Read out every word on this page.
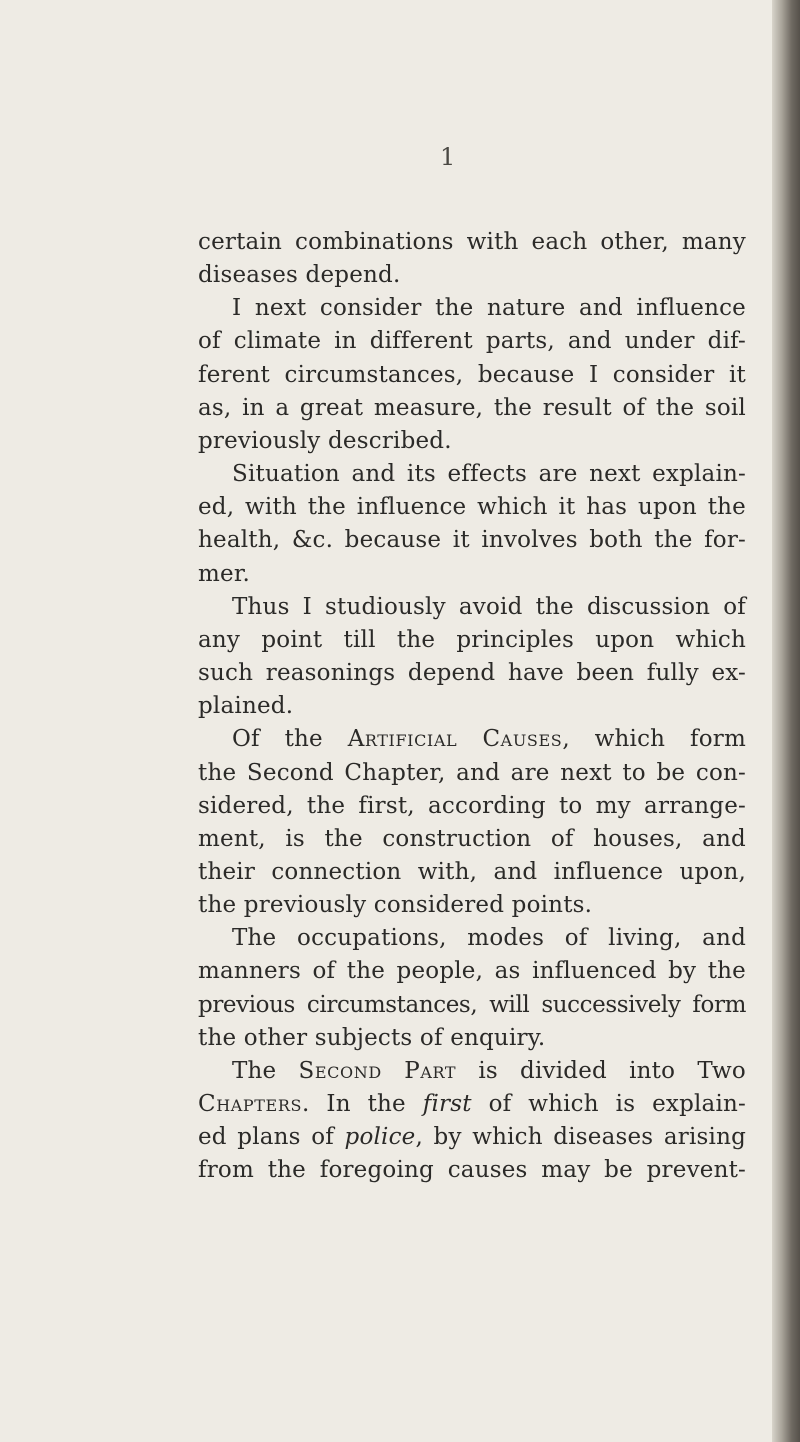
1
certain combinations with each other, many
diseases depend.
I next consider the nature and influence
of climate in different parts, and under dif-
ferent circumstances, because I consider it
as, in a great measure, the result of the soil
previously described.
Situation and its effects are next explain-
ed, with the influence which it has upon the
health, &c. because it involves both the for-
mer.
Thus I studiously avoid the discussion of
any point till the principles upon which
such reasonings depend have been fully ex-
plained.
Of the Artificial Causes, which form
the Second Chapter, and are next to be con-
sidered, the first, according to my arrange-
ment, is the construction of houses, and
their connection with, and influence upon,
the previously considered points.
The occupations, modes of living, and
manners of the people, as influenced by the
previous circumstances, will successively form
the other subjects of enquiry.
The Second Part is divided into Two
Chapters. In the first of which is explain-
ed plans of police, by which diseases arising
from the foregoing causes may be prevent-
